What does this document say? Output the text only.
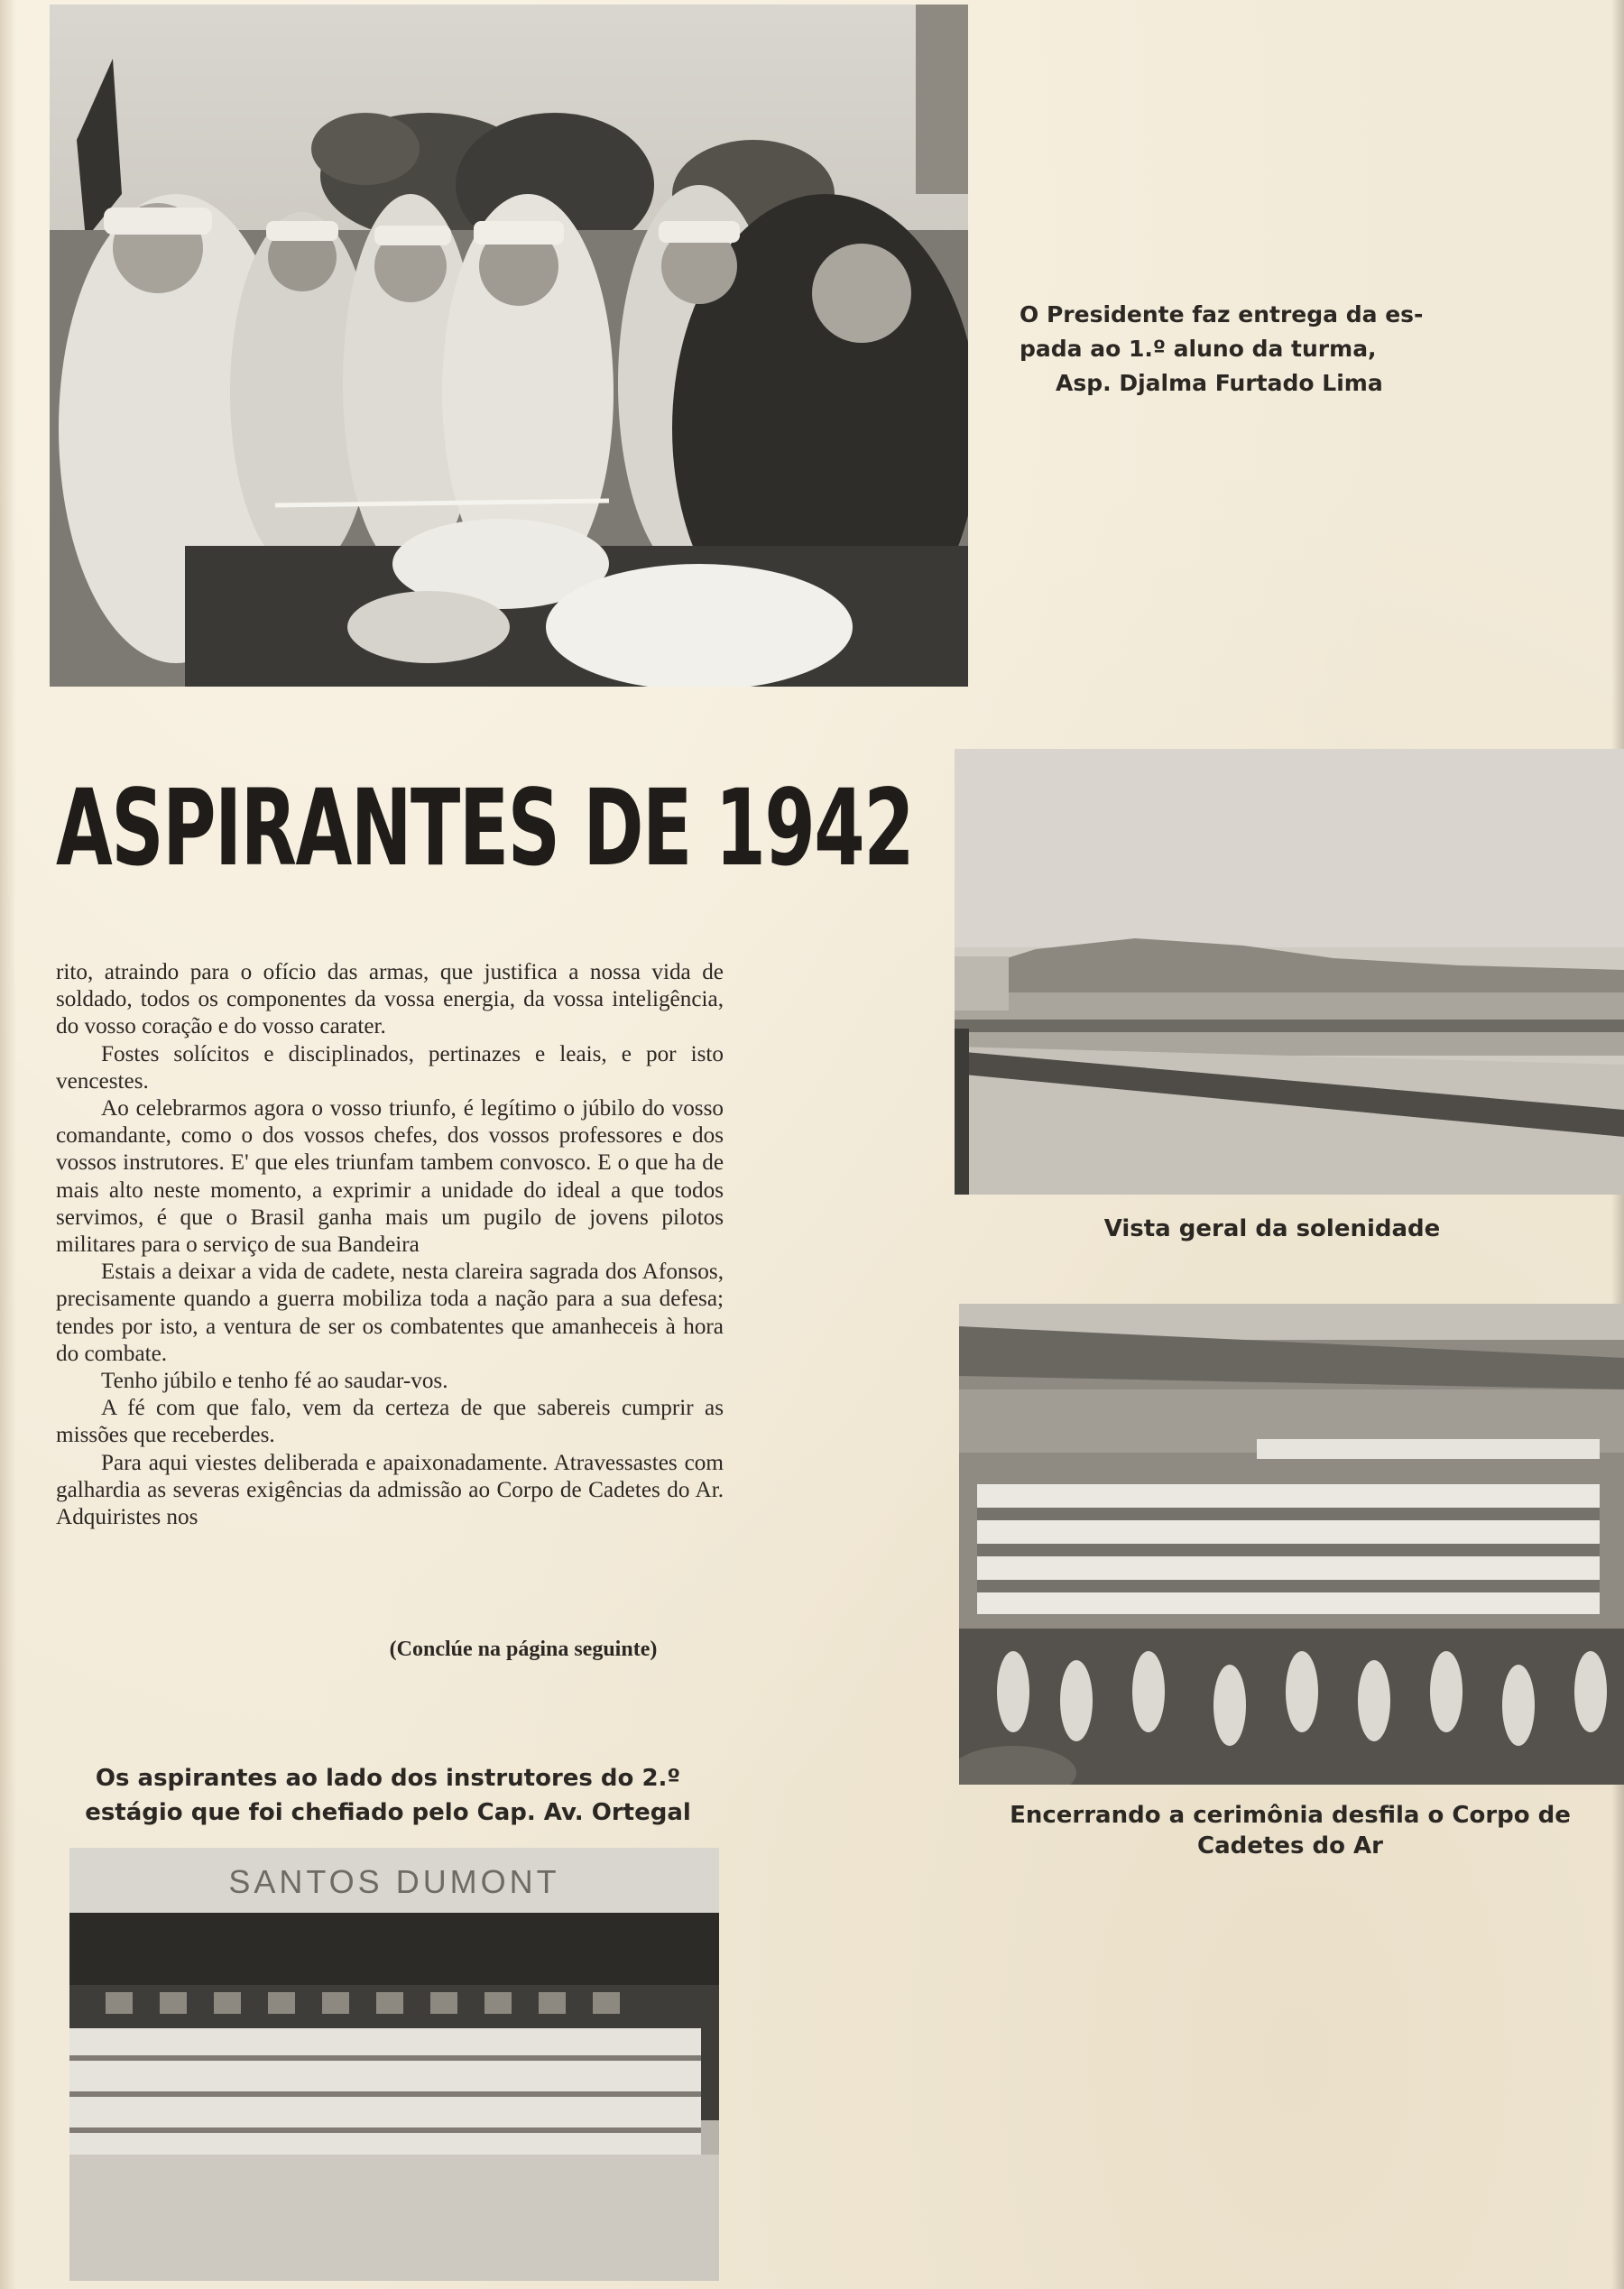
O Presidente faz entrega da es-
pada ao 1.º aluno da turma,
Asp. Djalma Furtado Lima
ASPIRANTES DE 1942
Vista geral da solenidade
Encerrando a cerimônia desfila o Corpo de Cadetes do Ar

rito, atraindo para o ofício das armas, que justifica a nossa vida de soldado, todos os componentes da vossa energia, da vossa inteligência, do vosso coração e do vosso carater.

Fostes solícitos e disciplinados, pertinazes e leais, e por isto vencestes.

Ao celebrarmos agora o vosso triunfo, é legítimo o júbilo do vosso comandante, como o dos vossos chefes, dos vossos professores e dos vossos instrutores. E' que eles triunfam tambem convosco. E o que ha de mais alto neste momento, a exprimir a unidade do ideal a que todos servimos, é que o Brasil ganha mais um pugilo de jovens pilotos militares para o serviço de sua Bandeira

Estais a deixar a vida de cadete, nesta clareira sagrada dos Afonsos, precisamente quando a guerra mobiliza toda a nação para a sua defesa; tendes por isto, a ventura de ser os combatentes que amanheceis à hora do combate.

Tenho júbilo e tenho fé ao saudar-vos.

A fé com que falo, vem da certeza de que sabereis cumprir as missões que receberdes.

Para aqui viestes deliberada e apaixonadamente. Atravessastes com galhardia as severas exigências da admissão ao Corpo de Cadetes do Ar. Adquiristes nos

(Conclúe na página seguinte)
Os aspirantes ao lado dos instrutores do 2.º estágio que foi chefiado pelo Cap. Av. Ortegal
SANTOS DUMONT
